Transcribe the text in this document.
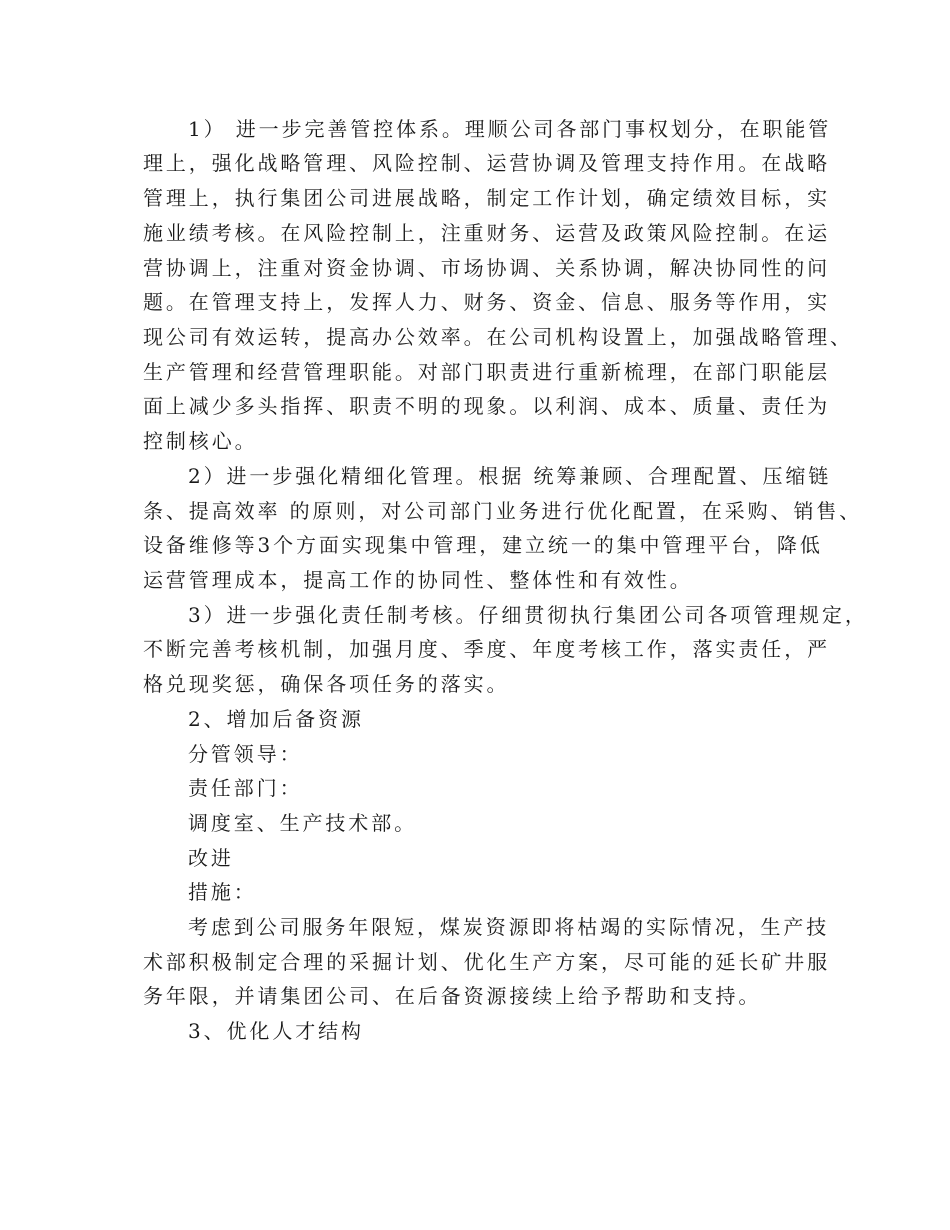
1） 进一步完善管控体系。理顺公司各部门事权划分，在职能管

理上，强化战略管理、风险控制、运营协调及管理支持作用。在战略

管理上，执行集团公司进展战略，制定工作计划，确定绩效目标，实

施业绩考核。在风险控制上，注重财务、运营及政策风险控制。在运

营协调上，注重对资金协调、市场协调、关系协调，解决协同性的问

题。在管理支持上，发挥人力、财务、资金、信息、服务等作用，实

现公司有效运转，提高办公效率。在公司机构设置上，加强战略管理、

生产管理和经营管理职能。对部门职责进行重新梳理，在部门职能层

面上减少多头指挥、职责不明的现象。以利润、成本、质量、责任为

控制核心。

2）进一步强化精细化管理。根据 统筹兼顾、合理配置、压缩链

条、提高效率 的原则，对公司部门业务进行优化配置，在采购、销售、

设备维修等3个方面实现集中管理，建立统一的集中管理平台，降低

运营管理成本，提高工作的协同性、整体性和有效性。

3）进一步强化责任制考核。仔细贯彻执行集团公司各项管理规定，

不断完善考核机制，加强月度、季度、年度考核工作，落实责任，严

格兑现奖惩，确保各项任务的落实。

2、增加后备资源

分管领导：

责任部门：

调度室、生产技术部。

改进

措施：

考虑到公司服务年限短，煤炭资源即将枯竭的实际情况，生产技

术部积极制定合理的采掘计划、优化生产方案，尽可能的延长矿井服

务年限，并请集团公司、在后备资源接续上给予帮助和支持。

3、优化人才结构
